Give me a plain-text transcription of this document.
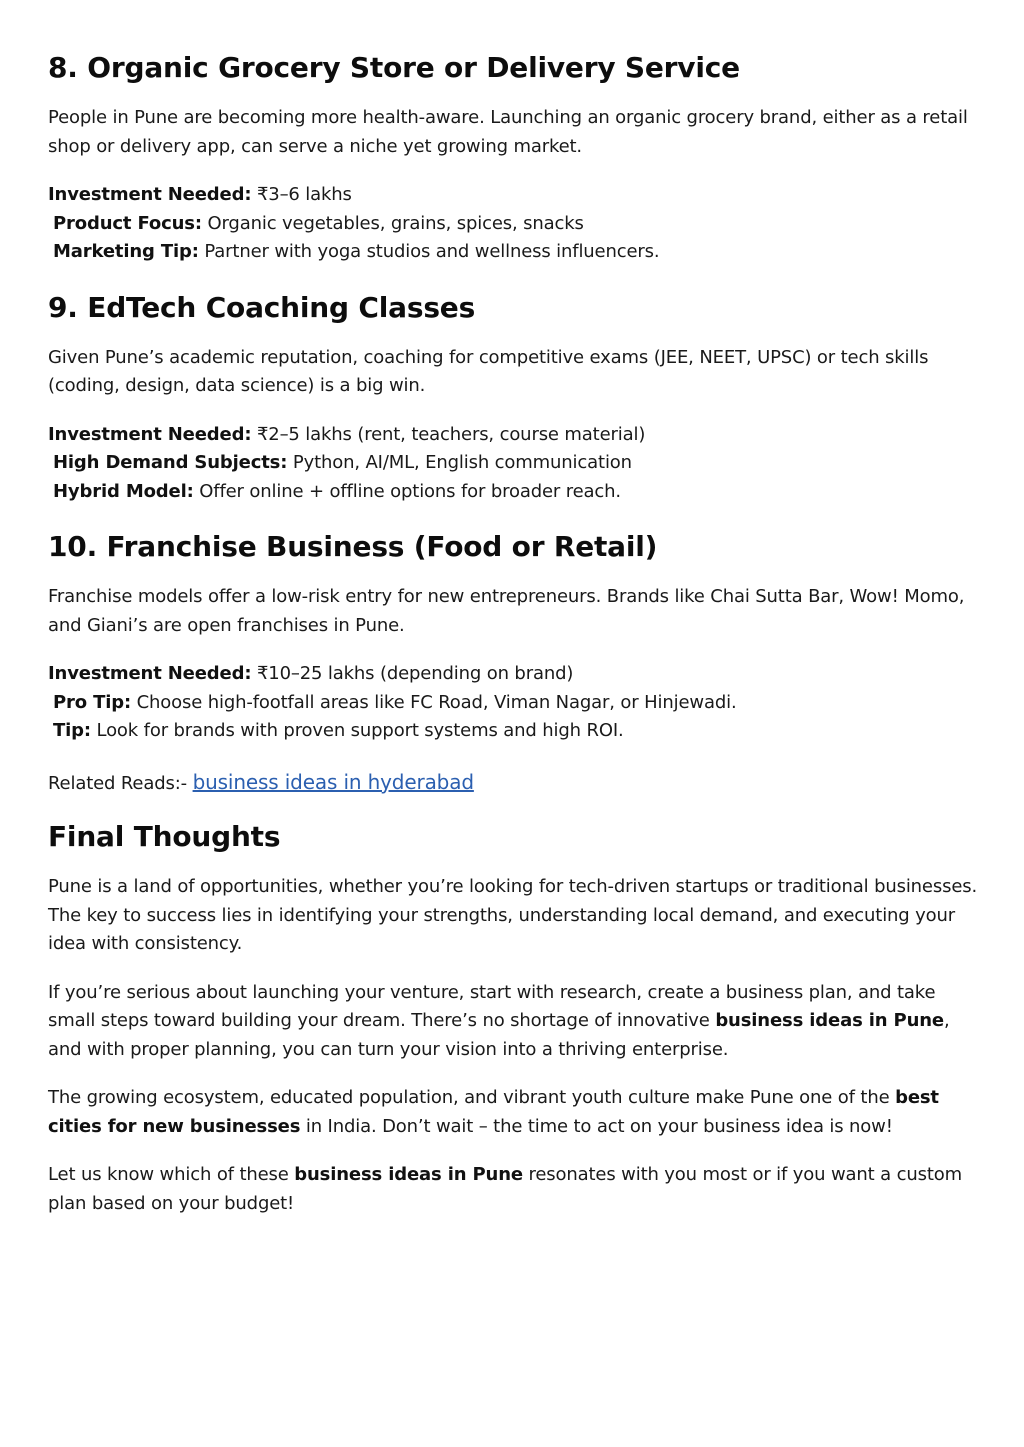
8. Organic Grocery Store or Delivery Service

People in Pune are becoming more health-aware. Launching an organic grocery brand, either as a retail shop or delivery app, can serve a niche yet growing market.

Investment Needed: ₹3–6 lakhs
Product Focus: Organic vegetables, grains, spices, snacks
Marketing Tip: Partner with yoga studios and wellness influencers.
9. EdTech Coaching Classes

Given Pune’s academic reputation, coaching for competitive exams (JEE, NEET, UPSC) or tech skills (coding, design, data science) is a big win.

Investment Needed: ₹2–5 lakhs (rent, teachers, course material)
High Demand Subjects: Python, AI/ML, English communication
Hybrid Model: Offer online + offline options for broader reach.
10. Franchise Business (Food or Retail)

Franchise models offer a low-risk entry for new entrepreneurs. Brands like Chai Sutta Bar, Wow! Momo, and Giani’s are open franchises in Pune.

Investment Needed: ₹10–25 lakhs (depending on brand)
Pro Tip: Choose high-footfall areas like FC Road, Viman Nagar, or Hinjewadi.
Tip: Look for brands with proven support systems and high ROI.

Related Reads:- business ideas in hyderabad

Final Thoughts

Pune is a land of opportunities, whether you’re looking for tech-driven startups or traditional businesses. The key to success lies in identifying your strengths, understanding local demand, and executing your idea with consistency.

If you’re serious about launching your venture, start with research, create a business plan, and take small steps toward building your dream. There’s no shortage of innovative business ideas in Pune, and with proper planning, you can turn your vision into a thriving enterprise.

The growing ecosystem, educated population, and vibrant youth culture make Pune one of the best cities for new businesses in India. Don’t wait – the time to act on your business idea is now!

Let us know which of these business ideas in Pune resonates with you most or if you want a custom plan based on your budget!
